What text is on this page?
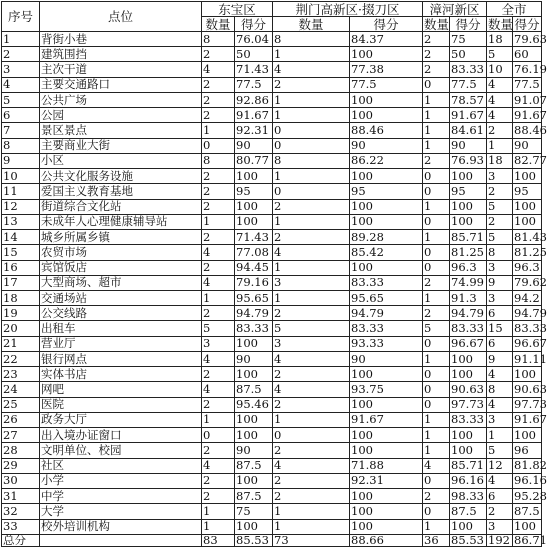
序号	点位	东宝区		荆门高新区·掇刀区		漳河新区		全市	
		数量	得分	数量	得分	数量	得分	数量	得分
1	背街小巷	8	76.04	8	84.37	2	75	18	79.63
2	建筑围挡	2	50	1	100	2	50	5	60
3	主次干道	4	71.43	4	77.38	2	83.33	10	76.19
4	主要交通路口	2	77.5	2	77.5	0	77.5	4	77.5
5	公共广场	2	92.86	1	100	1	78.57	4	91.07
6	公园	2	91.67	1	100	1	91.67	4	91.67
7	景区景点	1	92.31	0	88.46	1	84.61	2	88.46
8	主要商业大街	0	90	0	90	1	90	1	90
9	小区	8	80.77	8	86.22	2	76.93	18	82.77
10	公共文化服务设施	2	100	1	100	0	100	3	100
11	爱国主义教育基地	2	95	0	95	0	95	2	95
12	街道综合文化站	2	100	2	100	1	100	5	100
13	未成年人心理健康辅导站	1	100	1	100	0	100	2	100
14	城乡所属乡镇	2	71.43	2	89.28	1	85.71	5	81.43
15	农贸市场	4	77.08	4	85.42	0	81.25	8	81.25
16	宾馆饭店	2	94.45	1	100	0	96.3	3	96.3
17	大型商场、超市	4	79.16	3	83.33	2	74.99	9	79.62
18	交通场站	1	95.65	1	95.65	1	91.3	3	94.2
19	公交线路	2	94.79	2	94.79	2	94.79	6	94.79
20	出租车	5	83.33	5	83.33	5	83.33	15	83.33
21	营业厅	3	100	3	93.33	0	96.67	6	96.67
22	银行网点	4	90	4	90	1	100	9	91.11
23	实体书店	2	100	2	100	0	100	4	100
24	网吧	4	87.5	4	93.75	0	90.63	8	90.63
25	医院	2	95.46	2	100	0	97.73	4	97.73
26	政务大厅	1	100	1	91.67	1	83.33	3	91.67
27	出入境办证窗口	0	100	0	100	1	100	1	100
28	文明单位、校园	2	90	2	100	1	100	5	96
29	社区	4	87.5	4	71.88	4	85.71	12	81.82
30	小学	2	100	2	92.31	0	96.16	4	96.16
31	中学	2	87.5	2	100	2	98.33	6	95.28
32	大学	1	75	1	100	0	87.5	2	87.5
33	校外培训机构	1	100	1	100	1	100	3	100
总分		83	85.53	73	88.66	36	85.53	192	86.71
